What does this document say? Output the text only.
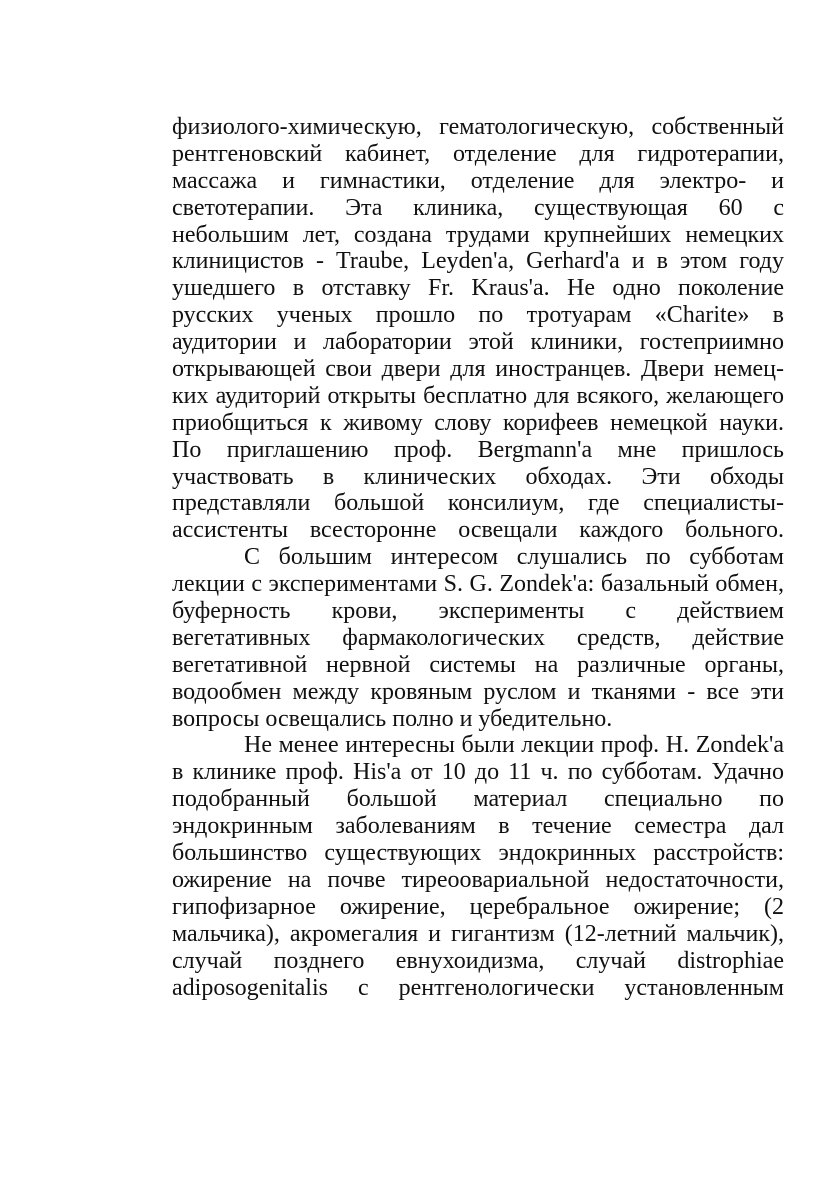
физиолого-химическую, гематологическую, собственный
рентгеновский кабинет, отделение для гидротерапии,
массажа и гимнастики, отделение для электро- и
светотерапии. Эта клиника, существующая 60 с
небольшим лет, создана трудами крупнейших немецких
клиницистов - Traube, Leyden'a, Gerhard'a и в этом году
ушедшего в отставку Fr. Kraus'a. Не одно поколение
русских ученых прошло по тротуарам «Charite» в
аудитории и лаборатории этой клиники, гостеприимно
открывающей свои двери для иностранцев. Двери немец-
ких аудиторий открыты бесплатно для всякого, желающего
приобщиться к живому слову корифеев немецкой науки.
По приглашению проф. Bergmann'a мне пришлось
участвовать в клинических обходах. Эти обходы
представляли большой консилиум, где специалисты-
ассистенты всесторонне освещали каждого больного.
С большим интересом слушались по субботам
лекции с экспериментами S. G. Zondek'a: базальный обмен,
буферность крови, эксперименты с действием
вегетативных фармакологических средств, действие
вегетативной нервной системы на различные органы,
водообмен между кровяным руслом и тканями - все эти
вопросы освещались полно и убедительно.
Не менее интересны были лекции проф. H. Zondek'a
в клинике проф. His'a от 10 до 11 ч. по субботам. Удачно
подобранный большой материал специально по
эндокринным заболеваниям в течение семестра дал
большинство существующих эндокринных расстройств:
ожирение на почве тиреоовариальной недостаточности,
гипофизарное ожирение, церебральное ожирение; (2
мальчика), акромегалия и гигантизм (12-летний мальчик),
случай позднего евнухоидизма, случай distrophiae
adiposogenitalis с рентгенологически установленным
